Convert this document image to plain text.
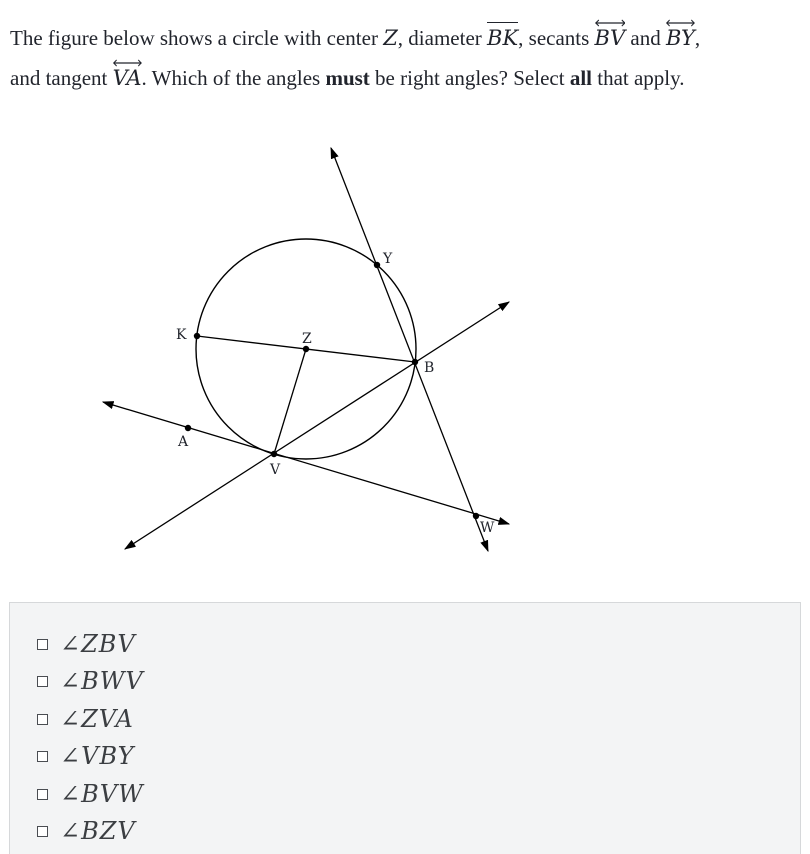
The figure below shows a circle with center Z, diameter
BK, secants
BV and
BY,
and tangent
VA. Which of the angles must be right angles? Select all that apply.
Y
K	Z
B
A
V
W
∠ZBV
∠BWV
∠ZVA
∠VBY
∠BVW
∠BZV
